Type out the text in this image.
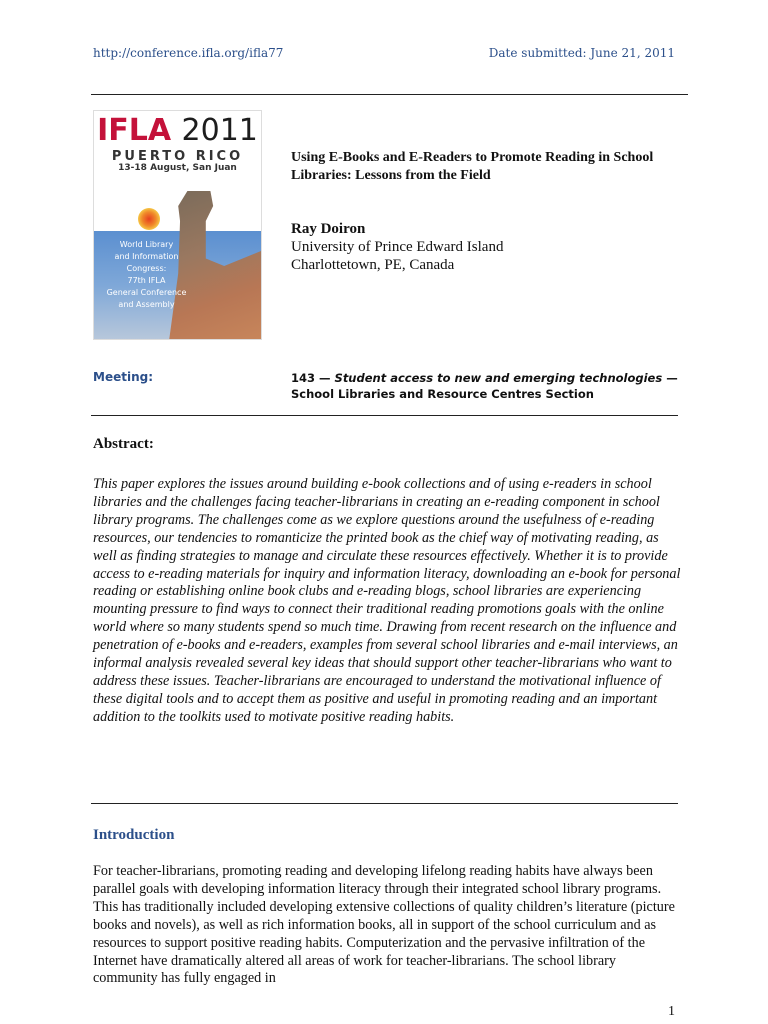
http://conference.ifla.org/ifla77	Date submitted: June 21, 2011
IFLA 2011
PUERTO RICO
13-18 August, San Juan
World Library
and Information
Congress:
77th IFLA
General Conference
and Assembly
Using E-Books and E-Readers to Promote Reading in School Libraries: Lessons from the Field
Ray Doiron
University of Prince Edward Island
Charlottetown, PE, Canada
Meeting:	143 — Student access to new and emerging technologies — School Libraries and Resource Centres Section
Abstract:
This paper explores the issues around building e-book collections and of using e-readers in school libraries and the challenges facing teacher-librarians in creating an e-reading component in school library programs. The challenges come as we explore questions around the usefulness of e-reading resources, our tendencies to romanticize the printed book as the chief way of motivating reading, as well as finding strategies to manage and circulate these resources effectively. Whether it is to provide access to e-reading materials for inquiry and information literacy, downloading an e-book for personal reading or establishing online book clubs and e-reading blogs, school libraries are experiencing mounting pressure to find ways to connect their traditional reading promotions goals with the online world where so many students spend so much time. Drawing from recent research on the influence and penetration of e-books and e-readers, examples from several school libraries and e-mail interviews, an informal analysis revealed several key ideas that should support other teacher-librarians who want to address these issues. Teacher-librarians are encouraged to understand the motivational influence of these digital tools and to accept them as positive and useful in promoting reading and an important addition to the toolkits used to motivate positive reading habits.
Introduction
For teacher-librarians, promoting reading and developing lifelong reading habits have always been parallel goals with developing information literacy through their integrated school library programs. This has traditionally included developing extensive collections of quality children’s literature (picture books and novels), as well as rich information books, all in support of the school curriculum and as resources to support positive reading habits. Computerization and the pervasive infiltration of the Internet have dramatically altered all areas of work for teacher-librarians. The school library community has fully engaged in
1
